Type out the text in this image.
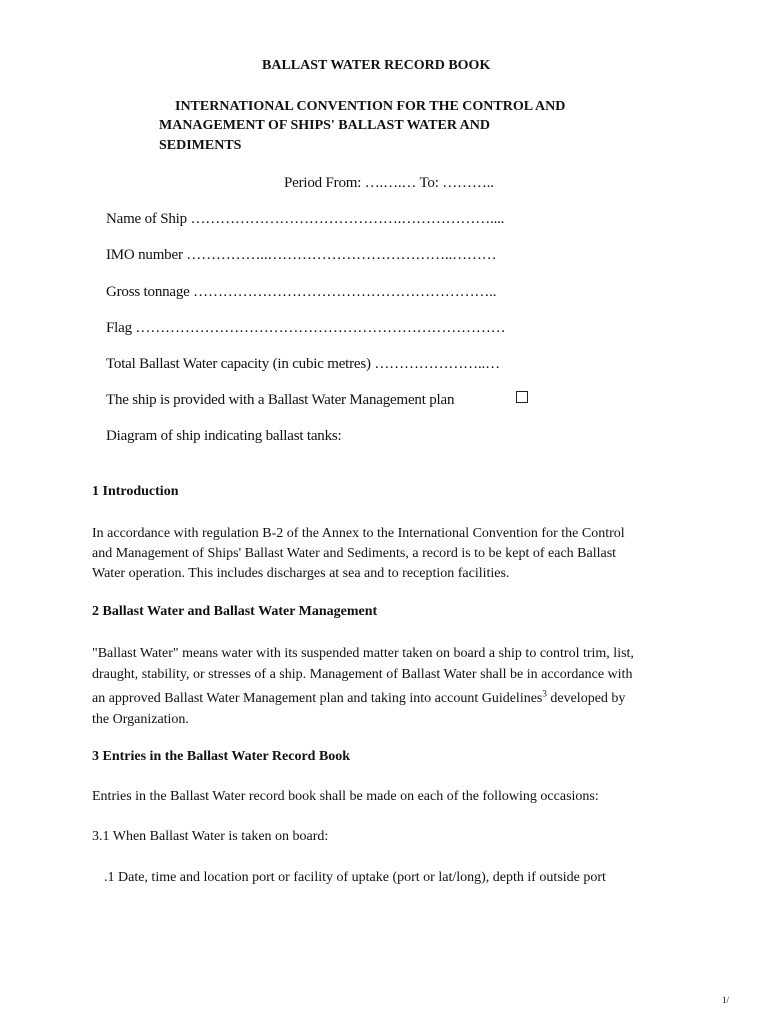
BALLAST WATER RECORD BOOK
INTERNATIONAL CONVENTION FOR THE CONTROL AND
MANAGEMENT OF SHIPS' BALLAST WATER AND
SEDIMENTS
Period From: ….….… To: ………..
Name of Ship …………………………………….………………....
IMO number ……………..………………………………..………
Gross tonnage ……………………………………………………..
Flag …………………………………………………………………
Total Ballast Water capacity (in cubic metres) …………………..…
The ship is provided with a Ballast Water Management plan
Diagram of ship indicating ballast tanks:
1 Introduction
In accordance with regulation B-2 of the Annex to the International Convention for the Control
and Management of Ships' Ballast Water and Sediments, a record is to be kept of each Ballast
Water operation. This includes discharges at sea and to reception facilities.
2 Ballast Water and Ballast Water Management
"Ballast Water" means water with its suspended matter taken on board a ship to control trim, list,
draught, stability, or stresses of a ship. Management of Ballast Water shall be in accordance with
an approved Ballast Water Management plan and taking into account Guidelines$^3$ developed by
the Organization.
3 Entries in the Ballast Water Record Book
Entries in the Ballast Water record book shall be made on each of the following occasions:
3.1 When Ballast Water is taken on board:
.1 Date, time and location port or facility of uptake (port or lat/long), depth if outside port
1/
